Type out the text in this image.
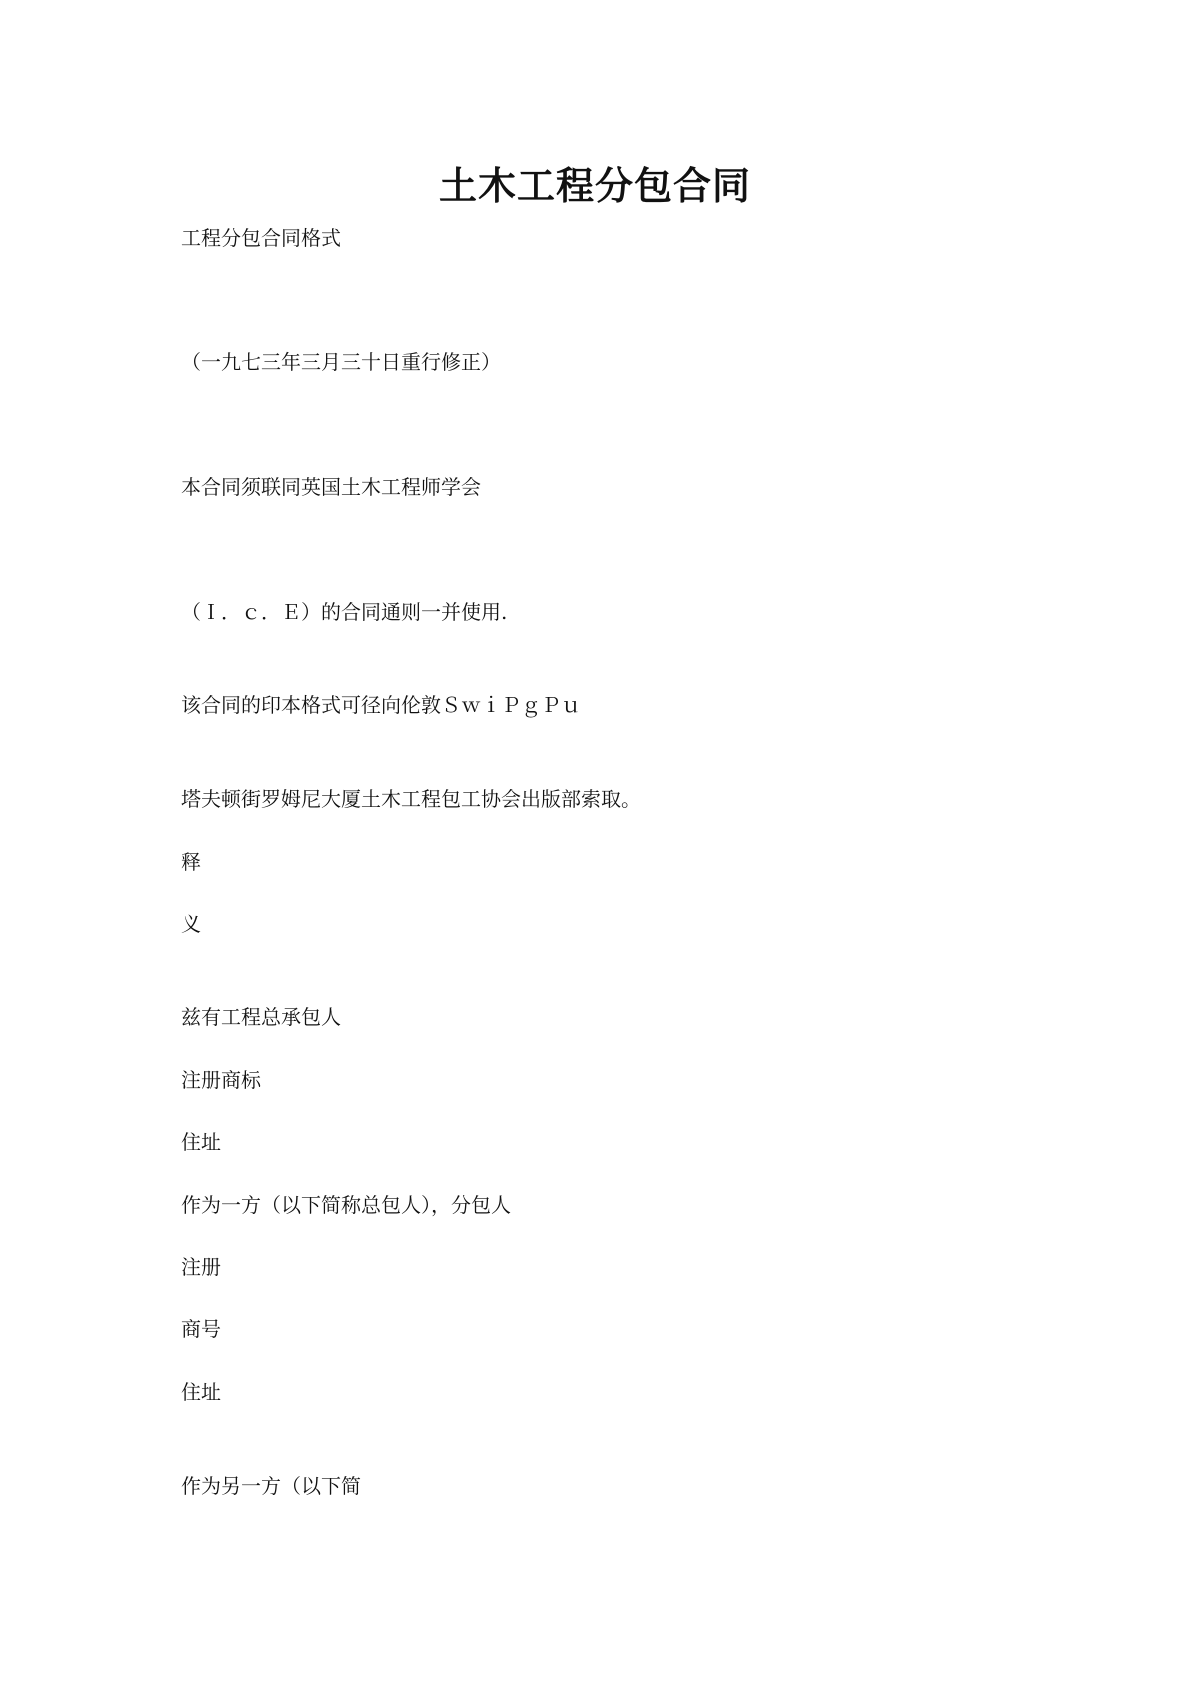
土木工程分包合同

工程分包合同格式

（一九七三年三月三十日重行修正）

本合同须联同英国土木工程师学会

（Ｉ．ｃ．Ｅ）的合同通则一并使用.

该合同的印本格式可径向伦敦ＳｗｉＰｇＰｕ

塔夫顿街罗姆尼大厦土木工程包工协会出版部索取。

释

义

兹有工程总承包人

注册商标

住址

作为一方（以下简称总包人），分包人

注册

商号

住址

作为另一方（以下简
